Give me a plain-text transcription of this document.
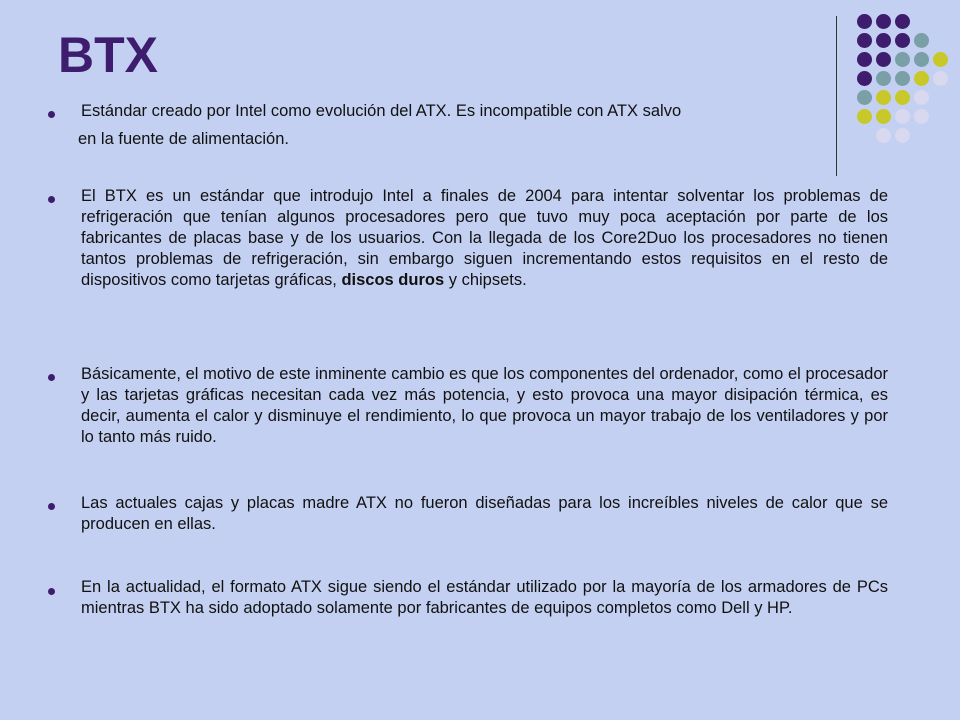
BTX
Estándar creado por Intel como evolución del ATX. Es incompatible con ATX salvo
en la fuente de alimentación.

El BTX es un estándar que introdujo Intel a finales de 2004 para intentar solventar los problemas de refrigeración que tenían algunos procesadores pero que tuvo muy poca aceptación por parte de los fabricantes de placas base y de los usuarios. Con la llegada de los Core2Duo los procesadores no tienen tantos problemas de refrigeración, sin embargo siguen incrementando estos requisitos en el resto de dispositivos como tarjetas gráficas, discos duros y chipsets.

Básicamente, el motivo de este inminente cambio es que los componentes del ordenador, como el procesador y las tarjetas gráficas necesitan cada vez más potencia, y esto provoca una mayor disipación térmica, es decir, aumenta el calor y disminuye el rendimiento, lo que provoca un mayor trabajo de los ventiladores y por lo tanto más ruido.

Las actuales cajas y placas madre ATX no fueron diseñadas para los increíbles niveles de calor que se producen en ellas.

En la actualidad, el formato ATX sigue siendo el estándar utilizado por la mayoría de los armadores de PCs mientras BTX ha sido adoptado solamente por fabricantes de equipos completos como Dell y HP.
